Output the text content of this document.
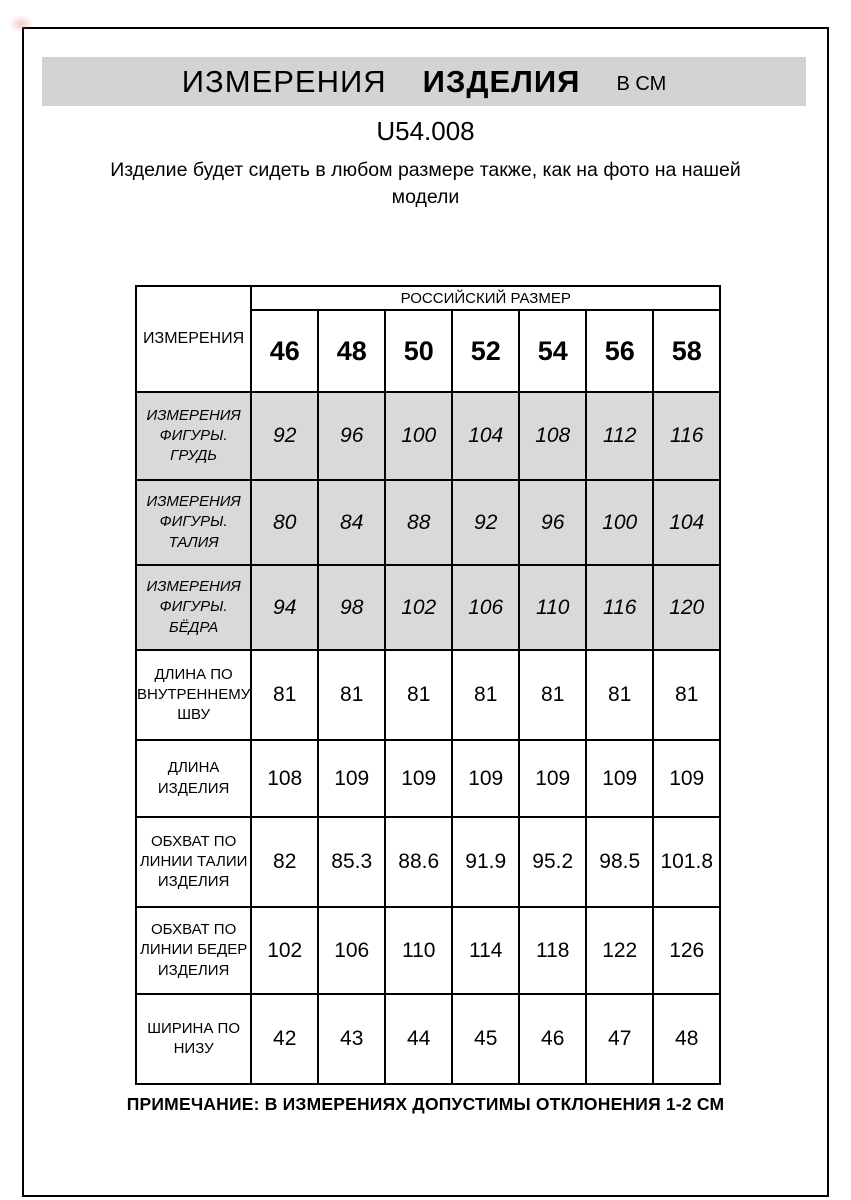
ИЗМЕРЕНИЯ ИЗДЕЛИЯ В СМ
U54.008
Изделие будет сидеть в любом размере также, как на фото на нашей модели
ИЗМЕРЕНИЯ	РОССИЙСКИЙ РАЗМЕР						
	46	48	50	52	54	56	58
ИЗМЕРЕНИЯ ФИГУРЫ. ГРУДЬ	92	96	100	104	108	112	116
ИЗМЕРЕНИЯ ФИГУРЫ. ТАЛИЯ	80	84	88	92	96	100	104
ИЗМЕРЕНИЯ ФИГУРЫ. БЁДРА	94	98	102	106	110	116	120
ДЛИНА ПО ВНУТРЕННЕМУ ШВУ	81	81	81	81	81	81	81
ДЛИНА ИЗДЕЛИЯ	108	109	109	109	109	109	109
ОБХВАТ ПО ЛИНИИ ТАЛИИ ИЗДЕЛИЯ	82	85.3	88.6	91.9	95.2	98.5	101.8
ОБХВАТ ПО ЛИНИИ БЕДЕР ИЗДЕЛИЯ	102	106	110	114	118	122	126
ШИРИНА ПО НИЗУ	42	43	44	45	46	47	48
ПРИМЕЧАНИЕ: В ИЗМЕРЕНИЯХ ДОПУСТИМЫ ОТКЛОНЕНИЯ 1-2 СМ
